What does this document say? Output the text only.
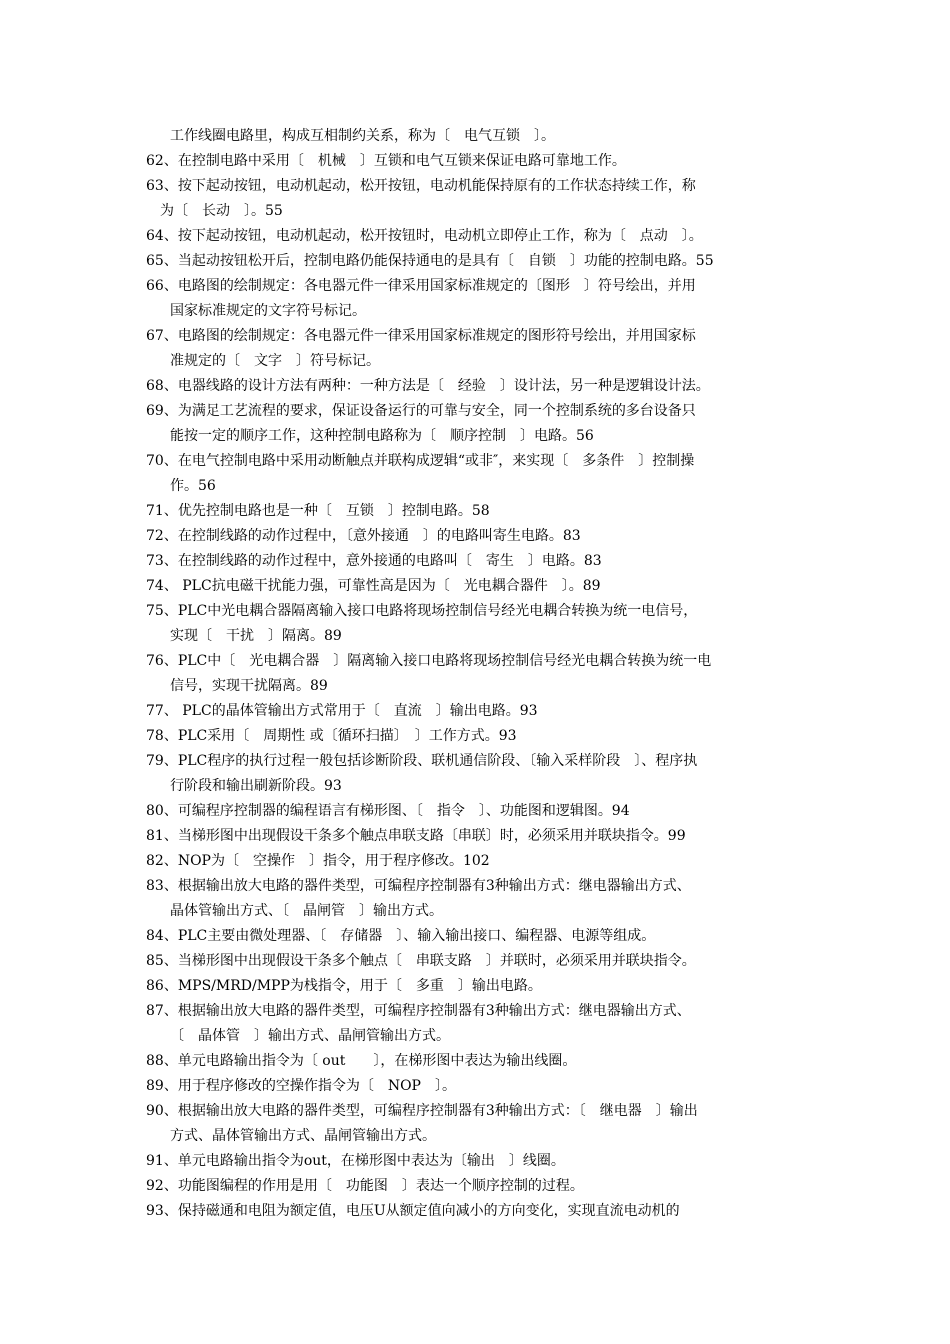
工作线圈电路里，构成互相制约关系，称为〔　电气互锁　〕。
62、在控制电路中采用〔　机械　〕互锁和电气互锁来保证电路可靠地工作。
63、按下起动按钮，电动机起动，松开按钮，电动机能保持原有的工作状态持续工作，称
为〔　长动　〕。55
64、按下起动按钮，电动机起动，松开按钮时，电动机立即停止工作，称为〔　点动　〕。
65、当起动按钮松开后，控制电路仍能保持通电的是具有〔　自锁　〕功能的控制电路。55
66、电路图的绘制规定：各电器元件一律采用国家标准规定的〔图形　〕符号绘出，并用
国家标准规定的文字符号标记。
67、电路图的绘制规定：各电器元件一律采用国家标准规定的图形符号绘出，并用国家标
准规定的〔　文字　〕符号标记。
68、电器线路的设计方法有两种：一种方法是〔　经验　〕设计法，另一种是逻辑设计法。
69、为满足工艺流程的要求，保证设备运行的可靠与安全，同一个控制系统的多台设备只
能按一定的顺序工作，这种控制电路称为〔　顺序控制　〕电路。56
70、在电气控制电路中采用动断触点并联构成逻辑“或非″，来实现〔　多条件　〕控制操
作。56
71、优先控制电路也是一种〔　互锁　〕控制电路。58
72、在控制线路的动作过程中，〔意外接通　〕的电路叫寄生电路。83
73、在控制线路的动作过程中，意外接通的电路叫〔　寄生　〕电路。83
74、 PLC抗电磁干扰能力强，可靠性高是因为〔　光电耦合器件　〕。89
75、PLC中光电耦合器隔离输入接口电路将现场控制信号经光电耦合转换为统一电信号，
实现〔　干扰　〕隔离。89
76、PLC中〔　光电耦合器　〕隔离输入接口电路将现场控制信号经光电耦合转换为统一电
信号，实现干扰隔离。89
77、 PLC的晶体管输出方式常用于〔　直流　〕输出电路。93
78、PLC采用〔　周期性 或〔循环扫描〕　〕工作方式。93
79、PLC程序的执行过程一般包括诊断阶段、联机通信阶段、〔输入采样阶段　〕、程序执
行阶段和输出刷新阶段。93
80、可编程序控制器的编程语言有梯形图、〔　指令　〕、功能图和逻辑图。94
81、当梯形图中出现假设干条多个触点串联支路〔串联〕时，必须采用并联块指令。99
82、NOP为〔　空操作　〕指令，用于程序修改。102
83、根据输出放大电路的器件类型，可编程序控制器有3种输出方式：继电器输出方式、
晶体管输出方式、〔　晶闸管　〕输出方式。
84、PLC主要由微处理器、〔　存储器　〕、输入输出接口、编程器、电源等组成。
85、当梯形图中出现假设干条多个触点〔　串联支路　〕并联时，必须采用并联块指令。
86、MPS/MRD/MPP为栈指令，用于〔　多重　〕输出电路。
87、根据输出放大电路的器件类型，可编程序控制器有3种输出方式：继电器输出方式、
〔　晶体管　〕输出方式、晶闸管输出方式。
88、单元电路输出指令为〔 out　　〕，在梯形图中表达为输出线圈。
89、用于程序修改的空操作指令为〔　NOP　〕。
90、根据输出放大电路的器件类型，可编程序控制器有3种输出方式：〔　继电器　〕输出
方式、晶体管输出方式、晶闸管输出方式。
91、单元电路输出指令为out，在梯形图中表达为〔输出　〕线圈。
92、功能图编程的作用是用〔　功能图　〕表达一个顺序控制的过程。
93、保持磁通和电阻为额定值，电压U从额定值向减小的方向变化，实现直流电动机的
